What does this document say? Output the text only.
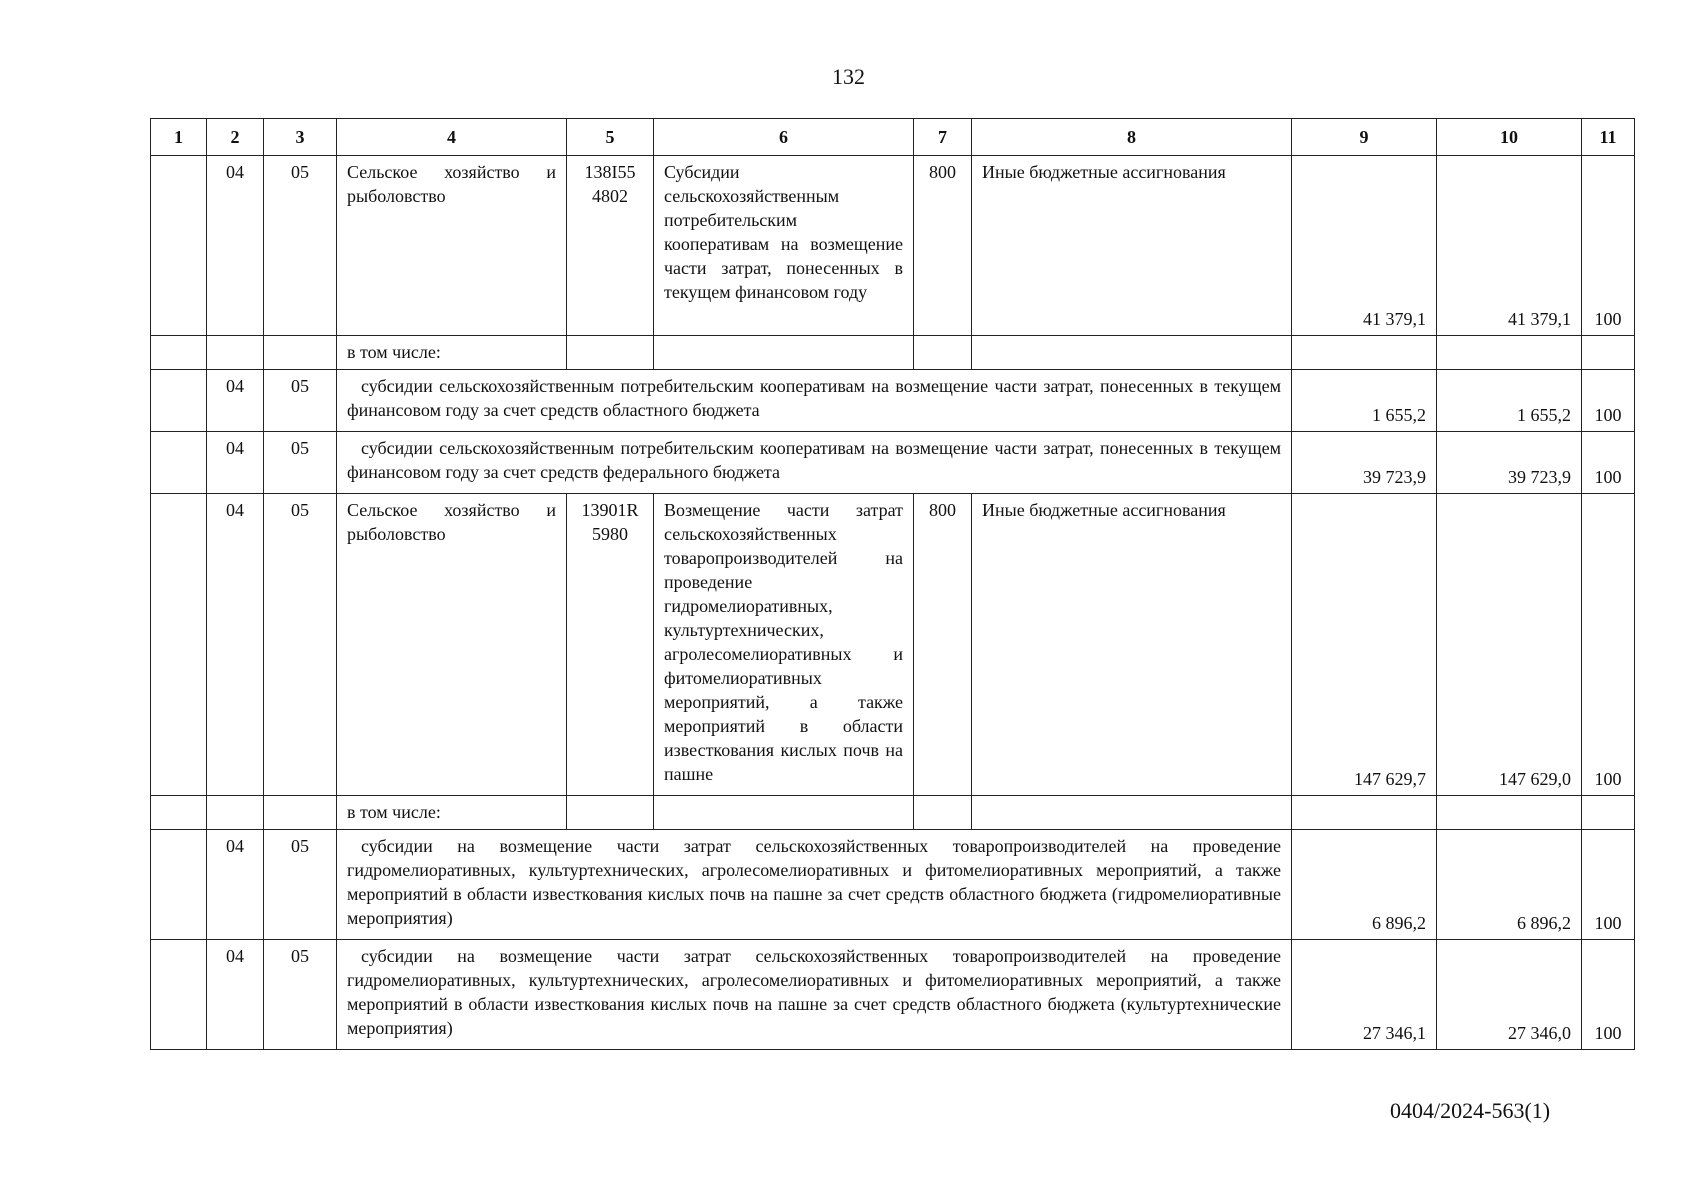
132
1	2	3	4	5	6	7	8	9	10	11
	04	05	Сельское хозяйство и рыболовство	138I55 4802	Субсидии сельскохозяйственным потребительским кооперативам на возмещение части затрат, понесенных в текущем финансовом году	800	Иные бюджетные ассигнования	41 379,1	41 379,1	100
			в том числе:							
	04	05	субсидии сельскохозяйственным потребительским кооперативам на возмещение части затрат, понесенных в текущем финансовом году за счет средств областного бюджета					1 655,2	1 655,2	100
	04	05	субсидии сельскохозяйственным потребительским кооперативам на возмещение части затрат, понесенных в текущем финансовом году за счет средств федерального бюджета					39 723,9	39 723,9	100
	04	05	Сельское хозяйство и рыболовство	13901R 5980	Возмещение части затрат сельскохозяйственных товаропроизводителей на проведение гидромелиоративных, культуртехнических, агролесомелиоративных и фитомелиоративных мероприятий, а также мероприятий в области известкования кислых почв на пашне	800	Иные бюджетные ассигнования	147 629,7	147 629,0	100
			в том числе:							
	04	05	субсидии на возмещение части затрат сельскохозяйственных товаропроизводителей на проведение гидромелиоративных, культуртехнических, агролесомелиоративных и фитомелиоративных мероприятий, а также мероприятий в области известкования кислых почв на пашне за счет средств областного бюджета (гидромелиоративные мероприятия)					6 896,2	6 896,2	100
	04	05	субсидии на возмещение части затрат сельскохозяйственных товаропроизводителей на проведение гидромелиоративных, культуртехнических, агролесомелиоративных и фитомелиоративных мероприятий, а также мероприятий в области известкования кислых почв на пашне за счет средств областного бюджета (культуртехнические мероприятия)					27 346,1	27 346,0	100
0404/2024-563(1)
